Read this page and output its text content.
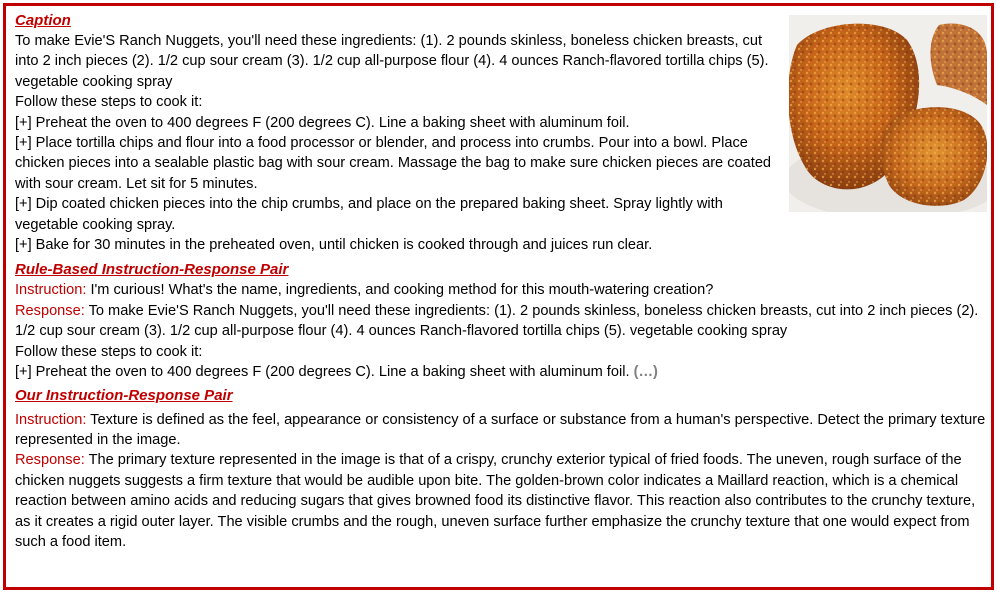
Caption

To make Evie'S Ranch Nuggets, you'll need these ingredients: (1). 2 pounds skinless, boneless chicken breasts, cut into 2 inch pieces (2). 1/2 cup sour cream (3). 1/2 cup all-purpose flour (4). 4 ounces Ranch-flavored tortilla chips (5). vegetable cooking spray

Follow these steps to cook it:

[+] Preheat the oven to 400 degrees F (200 degrees C). Line a baking sheet with aluminum foil.

[+] Place tortilla chips and flour into a food processor or blender, and process into crumbs. Pour into a bowl. Place chicken pieces into a sealable plastic bag with sour cream. Massage the bag to make sure chicken pieces are coated with sour cream. Let sit for 5 minutes.

[+] Dip coated chicken pieces into the chip crumbs, and place on the prepared baking sheet. Spray lightly with vegetable cooking spray.

[+] Bake for 30 minutes in the preheated oven, until chicken is cooked through and juices run clear.

Rule-Based Instruction-Response Pair

Instruction: I'm curious! What's the name, ingredients, and cooking method for this mouth-watering creation?

Response: To make Evie'S Ranch Nuggets, you'll need these ingredients: (1). 2 pounds skinless, boneless chicken breasts, cut into 2 inch pieces (2). 1/2 cup sour cream (3). 1/2 cup all-purpose flour (4). 4 ounces Ranch-flavored tortilla chips (5). vegetable cooking spray

Follow these steps to cook it:

[+] Preheat the oven to 400 degrees F (200 degrees C). Line a baking sheet with aluminum foil. (…)

Our Instruction-Response Pair

Instruction: Texture is defined as the feel, appearance or consistency of a surface or substance from a human's perspective. Detect the primary texture represented in the image.

Response: The primary texture represented in the image is that of a crispy, crunchy exterior typical of fried foods. The uneven, rough surface of the chicken nuggets suggests a firm texture that would be audible upon bite. The golden-brown color indicates a Maillard reaction, which is a chemical reaction between amino acids and reducing sugars that gives browned food its distinctive flavor. This reaction also contributes to the crunchy texture, as it creates a rigid outer layer. The visible crumbs and the rough, uneven surface further emphasize the crunchy texture that one would expect from such a food item.
